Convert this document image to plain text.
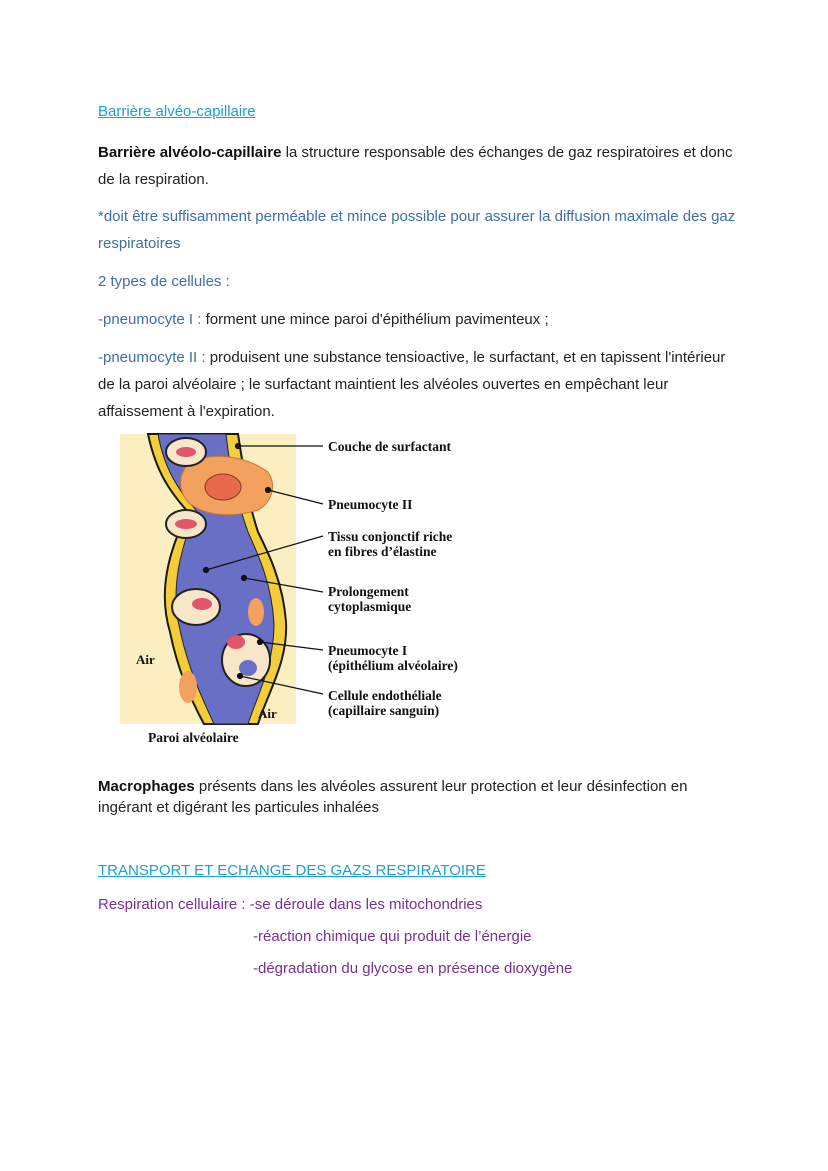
Barrière alvéo-capillaire

Barrière alvéolo-capillaire la structure responsable des échanges de gaz respiratoires et donc de la respiration.

*doit être suffisamment perméable et mince possible pour assurer la diffusion maximale des gaz respiratoires

2 types de cellules :

-pneumocyte I : forment une mince paroi d'épithélium pavimenteux ;

-pneumocyte II : produisent une substance tensioactive, le surfactant, et en tapissent l'intérieur de la paroi alvéolaire ; le surfactant maintient les alvéoles ouvertes en empêchant leur affaissement à l'expiration.

Couche de surfactant
Pneumocyte II
Tissu conjonctif riche
en fibres d’élastine
Prolongement
cytoplasmique
Pneumocyte I
(épithélium alvéolaire)
Cellule endothéliale
(capillaire sanguin)
Air
Air
Paroi alvéolaire

Macrophages présents dans les alvéoles assurent leur protection et leur désinfection en ingérant et digérant les particules inhalées

TRANSPORT ET ECHANGE DES GAZS RESPIRATOIRE
Respiration cellulaire : -se déroule dans les mitochondries
-réaction chimique qui produit de l’énergie
-dégradation du glycose en présence dioxygène
